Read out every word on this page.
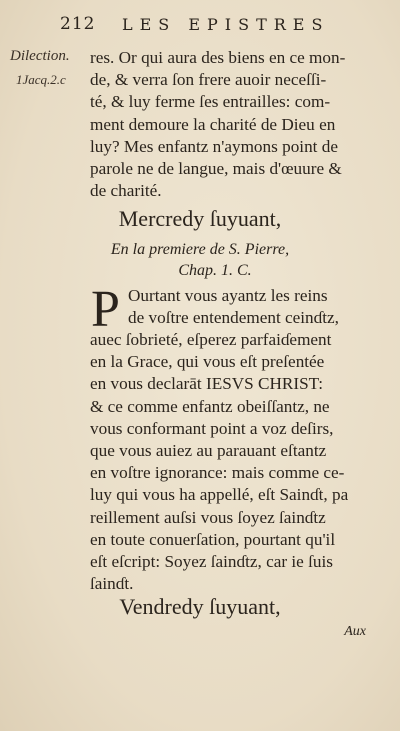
212 LES EPISTRES
Dilection.
1Jacq.2.c
res. Or qui aura des biens en ce mon-
de, & verra ſon frere auoir neceſſi-
té, & luy ferme ſes entrailles: com-
ment demoure la charité de Dieu en
luy? Mes enfantz n'aymons point de
parole ne de langue, mais d'œuure &
de charité.
Mercredy ſuyuant,
En la premiere de S. Pierre,
Chap. 1. C.
P Ourtant vous ayantz les reins
de voſtre entendement ceinɗtz,
auec ſobrieté, eſperez parfaiɗement
en la Grace, qui vous eſt preſentée
en vous declarāt IESVS CHRIST:
& ce comme enfantz obeiſſantz, ne
vous conformant point a voz deſirs,
que vous auiez au parauant eſtantz
en voſtre ignorance: mais comme ce-
luy qui vous ha appellé, eſt Sainɗt, pa
reillement auſsi vous ſoyez ſainɗtz
en toute conuerſation, pourtant qu'il
eſt eſcript: Soyez ſainɗtz, car ie ſuis
ſainɗt.
Vendredy ſuyuant,
Aux
